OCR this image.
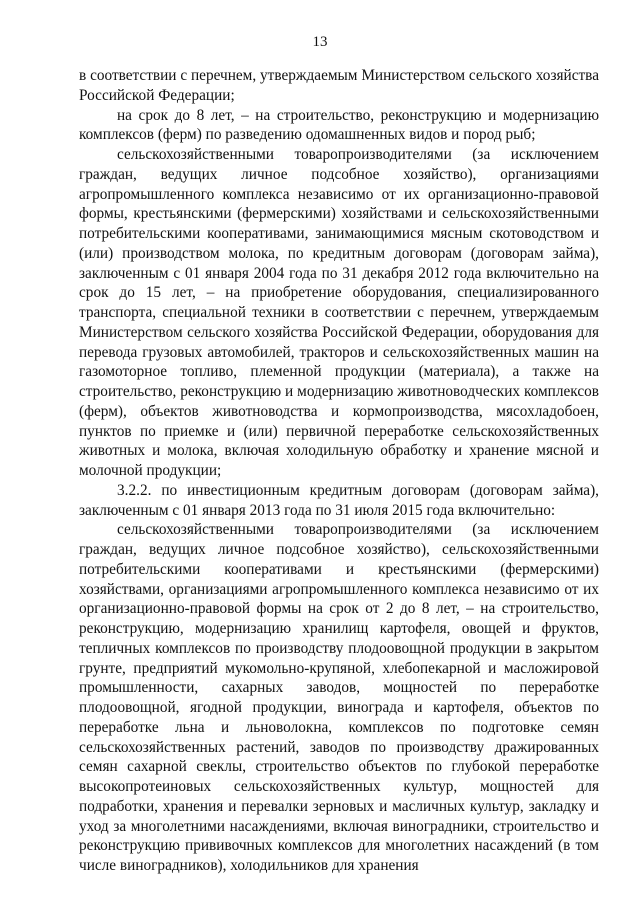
13

в соответствии с перечнем, утверждаемым Министерством сельского хозяйства Российской Федерации;

на срок до 8 лет, – на строительство, реконструкцию и модернизацию комплексов (ферм) по разведению одомашненных видов и пород рыб;

сельскохозяйственными товаропроизводителями (за исключением граждан, ведущих личное подсобное хозяйство), организациями агропромышленного комплекса независимо от их организационно-правовой формы, крестьянскими (фермерскими) хозяйствами и сельскохозяйственными потребительскими кооперативами, занимающимися мясным скотоводством и (или) производством молока, по кредитным договорам (договорам займа), заключенным с 01 января 2004 года по 31 декабря 2012 года включительно на срок до 15 лет, – на приобретение оборудования, специализированного транспорта, специальной техники в соответствии с перечнем, утверждаемым Министерством сельского хозяйства Российской Федерации, оборудования для перевода грузовых автомобилей, тракторов и сельскохозяйственных машин на газомоторное топливо, племенной продукции (материала), а также на строительство, реконструкцию и модернизацию животноводческих комплексов (ферм), объектов животноводства и кормопроизводства, мясохладобоен, пунктов по приемке и (или) первичной переработке сельскохозяйственных животных и молока, включая холодильную обработку и хранение мясной и молочной продукции;

3.2.2. по инвестиционным кредитным договорам (договорам займа), заключенным с 01 января 2013 года по 31 июля 2015 года включительно:

сельскохозяйственными товаропроизводителями (за исключением граждан, ведущих личное подсобное хозяйство), сельскохозяйственными потребительскими кооперативами и крестьянскими (фермерскими) хозяйствами, организациями агропромышленного комплекса независимо от их организационно-правовой формы на срок от 2 до 8 лет, – на строительство, реконструкцию, модернизацию хранилищ картофеля, овощей и фруктов, тепличных комплексов по производству плодоовощной продукции в закрытом грунте, предприятий мукомольно-крупяной, хлебопекарной и масложировой промышленности, сахарных заводов, мощностей по переработке плодоовощной, ягодной продукции, винограда и картофеля, объектов по переработке льна и льноволокна, комплексов по подготовке семян сельскохозяйственных растений, заводов по производству дражированных семян сахарной свеклы, строительство объектов по глубокой переработке высокопротеиновых сельскохозяйственных культур, мощностей для подработки, хранения и перевалки зерновых и масличных культур, закладку и уход за многолетними насаждениями, включая виноградники, строительство и реконструкцию прививочных комплексов для многолетних насаждений (в том числе виноградников), холодильников для хранения
